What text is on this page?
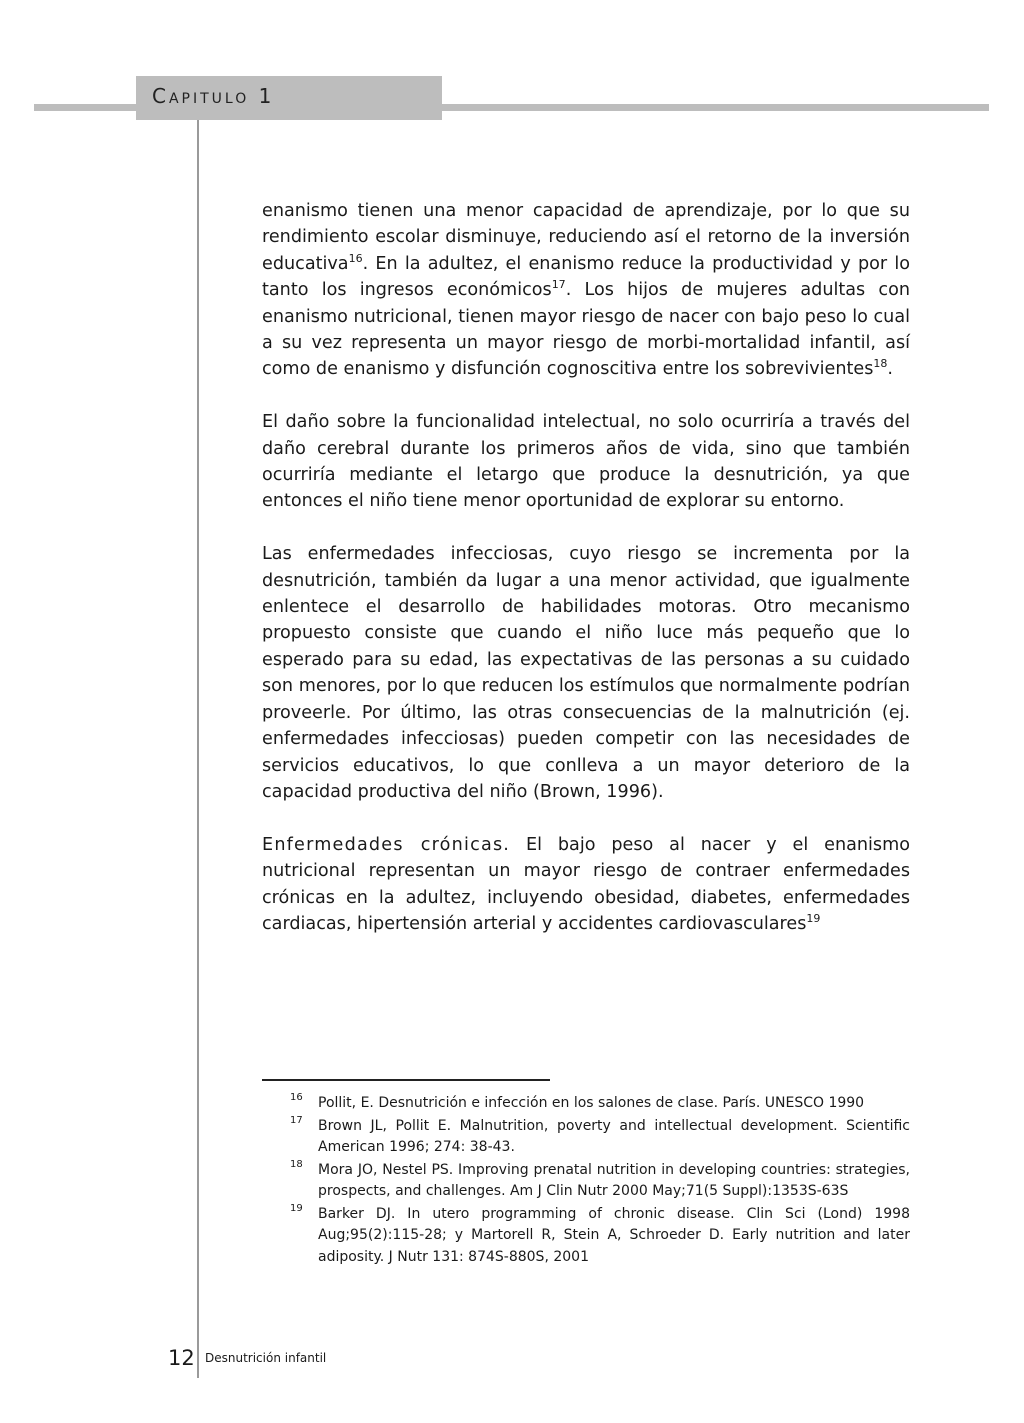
Capitulo 1

enanismo tienen una menor capacidad de aprendizaje, por lo que su rendimiento escolar disminuye, reduciendo así el retorno de la inversión educativa$^{16}$. En la adultez, el enanismo reduce la productividad y por lo tanto los ingresos económicos$^{17}$. Los hijos de mujeres adultas con enanismo nutricional, tienen mayor riesgo de nacer con bajo peso lo cual a su vez representa un mayor riesgo de morbi-mortalidad infantil, así como de enanismo y disfunción cognoscitiva entre los sobrevivientes$^{18}$.

El daño sobre la funcionalidad intelectual, no solo ocurriría a través del daño cerebral durante los primeros años de vida, sino que también ocurriría mediante el letargo que produce la desnutrición, ya que entonces el niño tiene menor oportunidad de explorar su entorno.

Las enfermedades infecciosas, cuyo riesgo se incrementa por la desnutrición, también da lugar a una menor actividad, que igualmente enlentece el desarrollo de habilidades motoras. Otro mecanismo propuesto consiste que cuando el niño luce más pequeño que lo esperado para su edad, las expectativas de las personas a su cuidado son menores, por lo que reducen los estímulos que normalmente podrían proveerle. Por último, las otras consecuencias de la malnutrición (ej. enfermedades infecciosas) pueden competir con las necesidades de servicios educativos, lo que conlleva a un mayor deterioro de la capacidad productiva del niño (Brown, 1996).

Enfermedades crónicas. El bajo peso al nacer y el enanismo nutricional representan un mayor riesgo de contraer enfermedades crónicas en la adultez, incluyendo obesidad, diabetes, enfermedades cardiacas, hipertensión arterial y accidentes cardiovasculares$^{19}$

16 Pollit, E. Desnutrición e infección en los salones de clase. París. UNESCO 1990
17 Brown JL, Pollit E. Malnutrition, poverty and intellectual development. Scientific American 1996; 274: 38-43.
18 Mora JO, Nestel PS. Improving prenatal nutrition in developing countries: strategies, prospects, and challenges. Am J Clin Nutr 2000 May;71(5 Suppl):1353S-63S
19 Barker DJ. In utero programming of chronic disease. Clin Sci (Lond) 1998 Aug;95(2):115-28; y Martorell R, Stein A, Schroeder D. Early nutrition and later adiposity. J Nutr 131: 874S-880S, 2001
12 Desnutrición infantil
